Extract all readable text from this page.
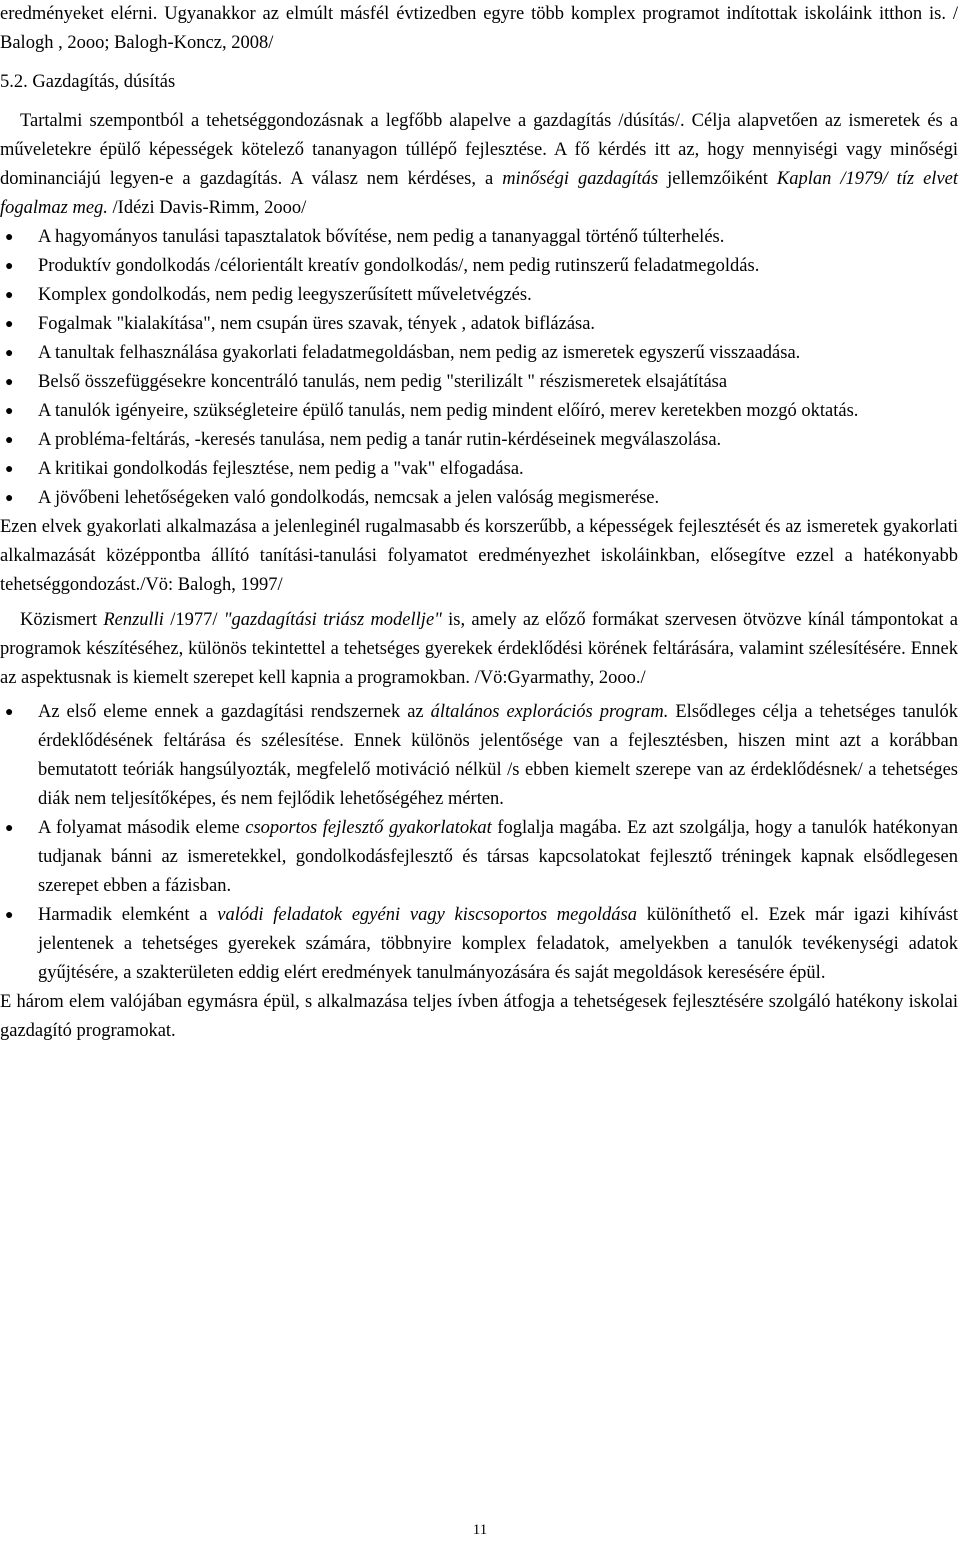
eredményeket elérni. Ugyanakkor az elmúlt másfél évtizedben egyre több komplex programot indítottak iskoláink itthon is. / Balogh , 2ooo; Balogh-Koncz, 2008/

5.2. Gazdagítás, dúsítás

Tartalmi szempontból a tehetséggondozásnak a legfőbb alapelve a gazdagítás /dúsítás/. Célja alapvetően az ismeretek és a műveletekre épülő képességek kötelező tananyagon túllépő fejlesztése. A fő kérdés itt az, hogy mennyiségi vagy minőségi dominanciájú legyen-e a gazdagítás. A válasz nem kérdéses, a minőségi gazdagítás jellemzőiként Kaplan /1979/ tíz elvet fogalmaz meg. /Idézi Davis-Rimm, 2ooo/

● A hagyományos tanulási tapasztalatok bővítése, nem pedig a tananyaggal történő túlterhelés.
● Produktív gondolkodás /célorientált kreatív gondolkodás/, nem pedig rutinszerű feladatmegoldás.
● Komplex gondolkodás, nem pedig leegyszerűsített műveletvégzés.
● Fogalmak "kialakítása", nem csupán üres szavak, tények , adatok biflázása.
● A tanultak felhasználása gyakorlati feladatmegoldásban, nem pedig az ismeretek egyszerű visszaadása.
● Belső összefüggésekre koncentráló tanulás, nem pedig "sterilizált " részismeretek elsajátítása
● A tanulók igényeire, szükségleteire épülő tanulás, nem pedig mindent előíró, merev keretekben mozgó oktatás.
● A probléma-feltárás, -keresés tanulása, nem pedig a tanár rutin-kérdéseinek megválaszolása.
● A kritikai gondolkodás fejlesztése, nem pedig a "vak" elfogadása.
● A jövőbeni lehetőségeken való gondolkodás, nemcsak a jelen valóság megismerése.

Ezen elvek gyakorlati alkalmazása a jelenleginél rugalmasabb és korszerűbb, a képességek fejlesztését és az ismeretek gyakorlati alkalmazását középpontba állító tanítási-tanulási folyamatot eredményezhet iskoláinkban, elősegítve ezzel a hatékonyabb tehetséggondozást./Vö: Balogh, 1997/

Közismert Renzulli /1977/ "gazdagítási triász modellje" is, amely az előző formákat szervesen ötvözve kínál támpontokat a programok készítéséhez, különös tekintettel a tehetséges gyerekek érdeklődési körének feltárására, valamint szélesítésére. Ennek az aspektusnak is kiemelt szerepet kell kapnia a programokban. /Vö:Gyarmathy, 2ooo./

● Az első eleme ennek a gazdagítási rendszernek az általános explorációs program. Elsődleges célja a tehetséges tanulók érdeklődésének feltárása és szélesítése. Ennek különös jelentősége van a fejlesztésben, hiszen mint azt a korábban bemutatott teóriák hangsúlyozták, megfelelő motiváció nélkül /s ebben kiemelt szerepe van az érdeklődésnek/ a tehetséges diák nem teljesítőképes, és nem fejlődik lehetőségéhez mérten.
● A folyamat második eleme csoportos fejlesztő gyakorlatokat foglalja magába. Ez azt szolgálja, hogy a tanulók hatékonyan tudjanak bánni az ismeretekkel, gondolkodásfejlesztő és társas kapcsolatokat fejlesztő tréningek kapnak elsődlegesen szerepet ebben a fázisban.
● Harmadik elemként a valódi feladatok egyéni vagy kiscsoportos megoldása különíthető el. Ezek már igazi kihívást jelentenek a tehetséges gyerekek számára, többnyire komplex feladatok, amelyekben a tanulók tevékenységi adatok gyűjtésére, a szakterületen eddig elért eredmények tanulmányozására és saját megoldások keresésére épül.

E három elem valójában egymásra épül, s alkalmazása teljes ívben átfogja a tehetségesek fejlesztésére szolgáló hatékony iskolai gazdagító programokat.

11
